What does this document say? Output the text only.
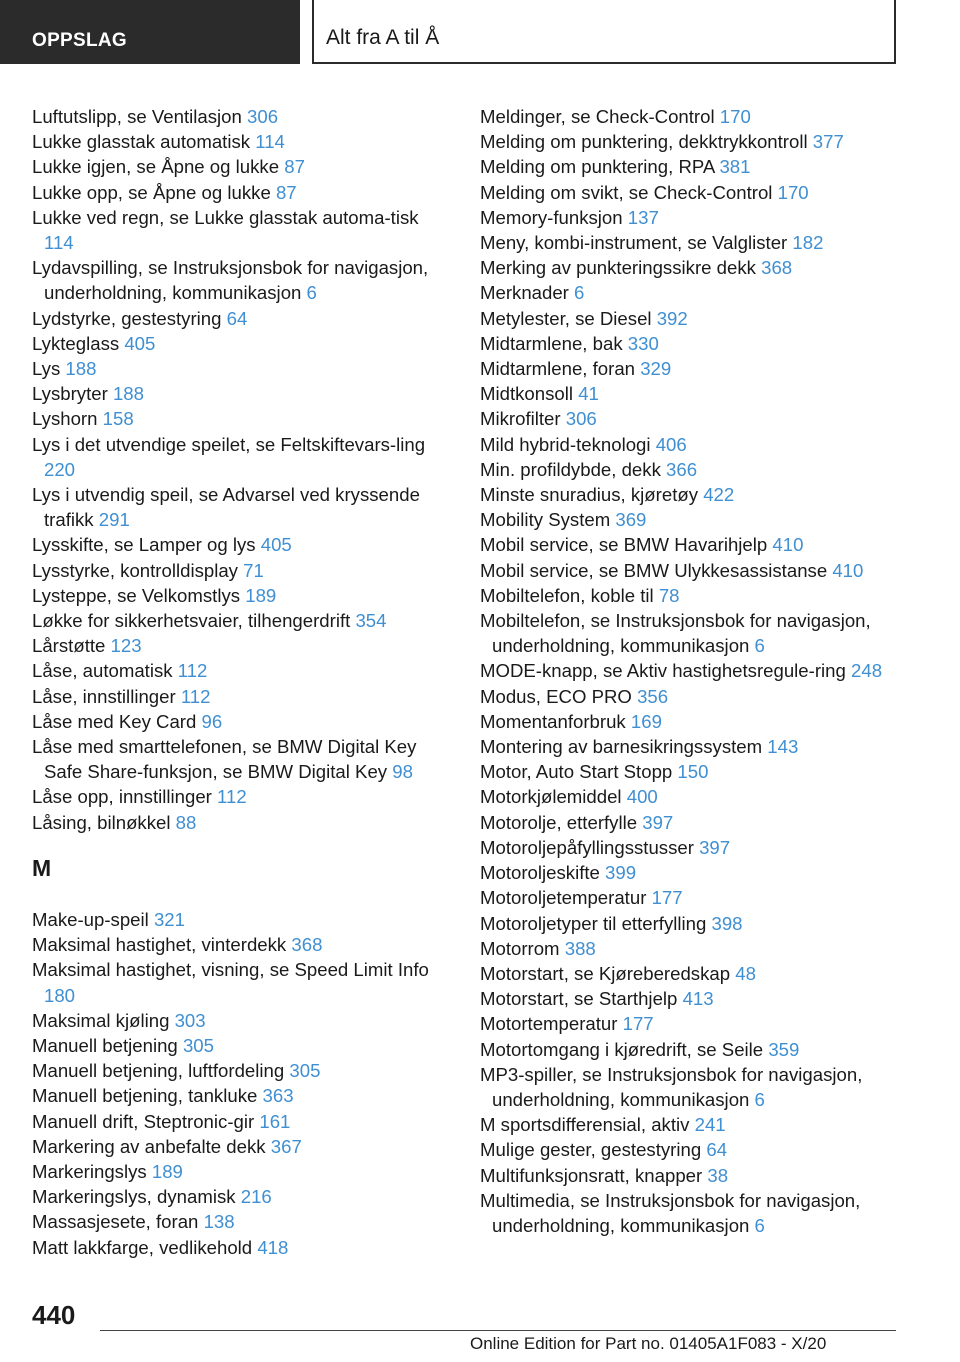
OPPSLAG	Alt fra A til Å

Luftutslipp, se Ventilasjon 306

Lukke glasstak automatisk 114

Lukke igjen, se Åpne og lukke 87

Lukke opp, se Åpne og lukke 87

Lukke ved regn, se Lukke glasstak automa‐tisk 114

Lydavspilling, se Instruksjonsbok for navigasjon, underholdning, kommunikasjon 6

Lydstyrke, gestestyring 64

Lykteglass 405

Lys 188

Lysbryter 188

Lyshorn 158

Lys i det utvendige speilet, se Feltskiftevars‐ling 220

Lys i utvendig speil, se Advarsel ved kryssende trafikk 291

Lysskifte, se Lamper og lys 405

Lysstyrke, kontrolldisplay 71

Lysteppe, se Velkomstlys 189

Løkke for sikkerhetsvaier, tilhengerdrift 354

Lårstøtte 123

Låse, automatisk 112

Låse, innstillinger 112

Låse med Key Card 96

Låse med smarttelefonen, se BMW Digital Key Safe Share-funksjon, se BMW Digital Key 98

Låse opp, innstillinger 112

Låsing, bilnøkkel 88

M

Make-up-speil 321

Maksimal hastighet, vinterdekk 368

Maksimal hastighet, visning, se Speed Limit Info 180

Maksimal kjøling 303

Manuell betjening 305

Manuell betjening, luftfordeling 305

Manuell betjening, tankluke 363

Manuell drift, Steptronic-gir 161

Markering av anbefalte dekk 367

Markeringslys 189

Markeringslys, dynamisk 216

Massasjesete, foran 138

Matt lakkfarge, vedlikehold 418

Meldinger, se Check-Control 170

Melding om punktering, dekktrykkontroll 377

Melding om punktering, RPA 381

Melding om svikt, se Check-Control 170

Memory-funksjon 137

Meny, kombi-instrument, se Valglister 182

Merking av punkteringssikre dekk 368

Merknader 6

Metylester, se Diesel 392

Midtarmlene, bak 330

Midtarmlene, foran 329

Midtkonsoll 41

Mikrofilter 306

Mild hybrid-teknologi 406

Min. profildybde, dekk 366

Minste snuradius, kjøretøy 422

Mobility System 369

Mobil service, se BMW Havarihjelp 410

Mobil service, se BMW Ulykkesassistanse 410

Mobiltelefon, koble til 78

Mobiltelefon, se Instruksjonsbok for navigasjon, underholdning, kommunikasjon 6

MODE-knapp, se Aktiv hastighetsregule‐ring 248

Modus, ECO PRO 356

Momentanforbruk 169

Montering av barnesikringssystem 143

Motor, Auto Start Stopp 150

Motorkjølemiddel 400

Motorolje, etterfylle 397

Motoroljepåfyllingsstusser 397

Motoroljeskifte 399

Motoroljetemperatur 177

Motoroljetyper til etterfylling 398

Motorrom 388

Motorstart, se Kjøreberedskap 48

Motorstart, se Starthjelp 413

Motortemperatur 177

Motortomgang i kjøredrift, se Seile 359

MP3-spiller, se Instruksjonsbok for navigasjon, underholdning, kommunikasjon 6

M sportsdifferensial, aktiv 241

Mulige gester, gestestyring 64

Multifunksjonsratt, knapper 38

Multimedia, se Instruksjonsbok for navigasjon, underholdning, kommunikasjon 6

440
Online Edition for Part no. 01405A1F083 - X/20
